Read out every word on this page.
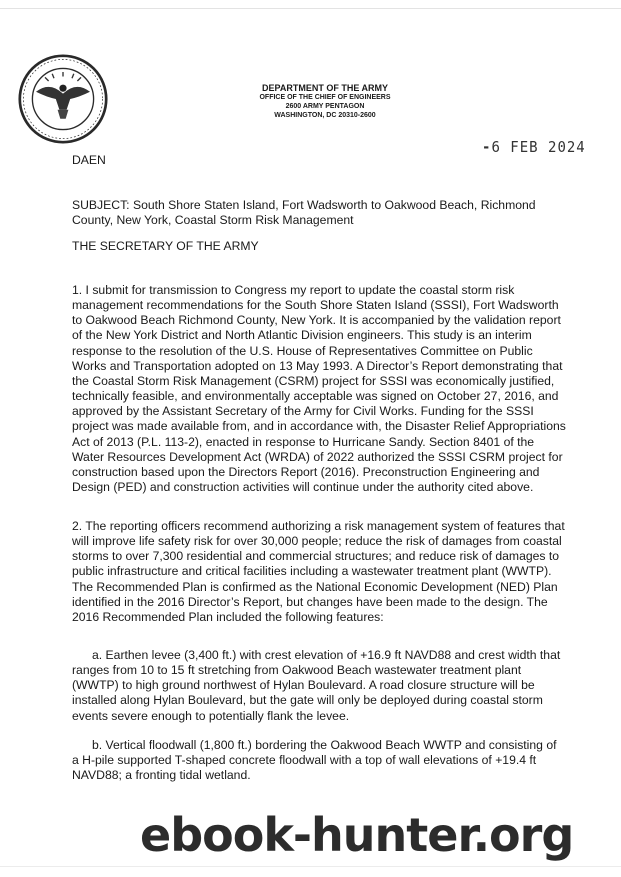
DEPARTMENT OF THE ARMY
OFFICE OF THE CHIEF OF ENGINEERS
2600 ARMY PENTAGON
WASHINGTON, DC 20310-2600
‐6 FEB 2024
DAEN
SUBJECT: South Shore Staten Island, Fort Wadsworth to Oakwood Beach, Richmond County, New York, Coastal Storm Risk Management
THE SECRETARY OF THE ARMY
1. I submit for transmission to Congress my report to update the coastal storm risk management recommendations for the South Shore Staten Island (SSSI), Fort Wadsworth to Oakwood Beach Richmond County, New York. It is accompanied by the validation report of the New York District and North Atlantic Division engineers. This study is an interim response to the resolution of the U.S. House of Representatives Committee on Public Works and Transportation adopted on 13 May 1993. A Director’s Report demonstrating that the Coastal Storm Risk Management (CSRM) project for SSSI was economically justified, technically feasible, and environmentally acceptable was signed on October 27, 2016, and approved by the Assistant Secretary of the Army for Civil Works. Funding for the SSSI project was made available from, and in accordance with, the Disaster Relief Appropriations Act of 2013 (P.L. 113-2), enacted in response to Hurricane Sandy. Section 8401 of the Water Resources Development Act (WRDA) of 2022 authorized the SSSI CSRM project for construction based upon the Directors Report (2016). Preconstruction Engineering and Design (PED) and construction activities will continue under the authority cited above.
2. The reporting officers recommend authorizing a risk management system of features that will improve life safety risk for over 30,000 people; reduce the risk of damages from coastal storms to over 7,300 residential and commercial structures; and reduce risk of damages to public infrastructure and critical facilities including a wastewater treatment plant (WWTP). The Recommended Plan is confirmed as the National Economic Development (NED) Plan identified in the 2016 Director’s Report, but changes have been made to the design. The 2016 Recommended Plan included the following features:
a. Earthen levee (3,400 ft.) with crest elevation of +16.9 ft NAVD88 and crest width that ranges from 10 to 15 ft stretching from Oakwood Beach wastewater treatment plant (WWTP) to high ground northwest of Hylan Boulevard. A road closure structure will be installed along Hylan Boulevard, but the gate will only be deployed during coastal storm events severe enough to potentially flank the levee.
b. Vertical floodwall (1,800 ft.) bordering the Oakwood Beach WWTP and consisting of a H-pile supported T-shaped concrete floodwall with a top of wall elevations of +19.4 ft NAVD88; a fronting tidal wetland.
ebook-hunter.org
